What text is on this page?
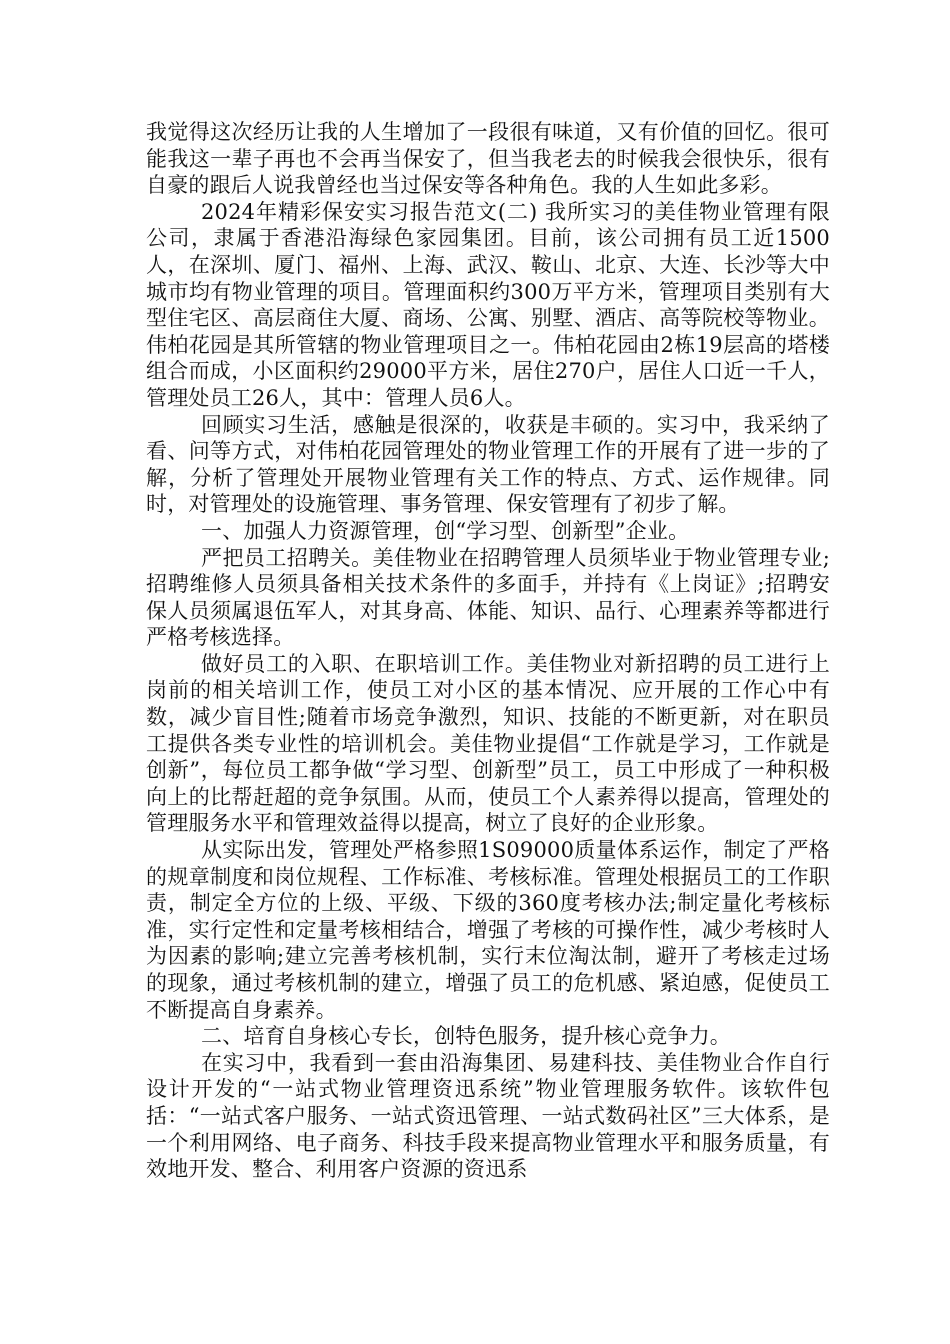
我觉得这次经历让我的人生增加了一段很有味道，又有价值的回忆。很可能我这一辈子再也不会再当保安了，但当我老去的时候我会很快乐，很有自豪的跟后人说我曾经也当过保安等各种角色。我的人生如此多彩。

2024年精彩保安实习报告范文(二) 我所实习的美佳物业管理有限公司，隶属于香港沿海绿色家园集团。目前，该公司拥有员工近1500人，在深圳、厦门、福州、上海、武汉、鞍山、北京、大连、长沙等大中城市均有物业管理的项目。管理面积约300万平方米，管理项目类别有大型住宅区、高层商住大厦、商场、公寓、别墅、酒店、高等院校等物业。伟柏花园是其所管辖的物业管理项目之一。伟柏花园由2栋19层高的塔楼组合而成，小区面积约29000平方米，居住270户，居住人口近一千人，管理处员工26人，其中：管理人员6人。

回顾实习生活，感触是很深的，收获是丰硕的。实习中，我采纳了看、问等方式，对伟柏花园管理处的物业管理工作的开展有了进一步的了解，分析了管理处开展物业管理有关工作的特点、方式、运作规律。同时，对管理处的设施管理、事务管理、保安管理有了初步了解。

一、加强人力资源管理，创“学习型、创新型”企业。

严把员工招聘关。美佳物业在招聘管理人员须毕业于物业管理专业;招聘维修人员须具备相关技术条件的多面手，并持有《上岗证》;招聘安保人员须属退伍军人，对其身高、体能、知识、品行、心理素养等都进行严格考核选择。

做好员工的入职、在职培训工作。美佳物业对新招聘的员工进行上岗前的相关培训工作，使员工对小区的基本情况、应开展的工作心中有数，减少盲目性;随着市场竞争激烈，知识、技能的不断更新，对在职员工提供各类专业性的培训机会。美佳物业提倡“工作就是学习，工作就是创新”，每位员工都争做“学习型、创新型”员工，员工中形成了一种积极向上的比帮赶超的竞争氛围。从而，使员工个人素养得以提高，管理处的管理服务水平和管理效益得以提高，树立了良好的企业形象。

从实际出发，管理处严格参照1S09000质量体系运作，制定了严格的规章制度和岗位规程、工作标准、考核标准。管理处根据员工的工作职责，制定全方位的上级、平级、下级的360度考核办法;制定量化考核标准，实行定性和定量考核相结合，增强了考核的可操作性，减少考核时人为因素的影响;建立完善考核机制，实行末位淘汰制，避开了考核走过场的现象，通过考核机制的建立，增强了员工的危机感、紧迫感，促使员工不断提高自身素养。

二、培育自身核心专长，创特色服务，提升核心竞争力。

在实习中，我看到一套由沿海集团、易建科技、美佳物业合作自行设计开发的“一站式物业管理资迅系统”物业管理服务软件。该软件包括：“一站式客户服务、一站式资迅管理、一站式数码社区”三大体系，是一个利用网络、电子商务、科技手段来提高物业管理水平和服务质量，有效地开发、整合、利用客户资源的资迅系
